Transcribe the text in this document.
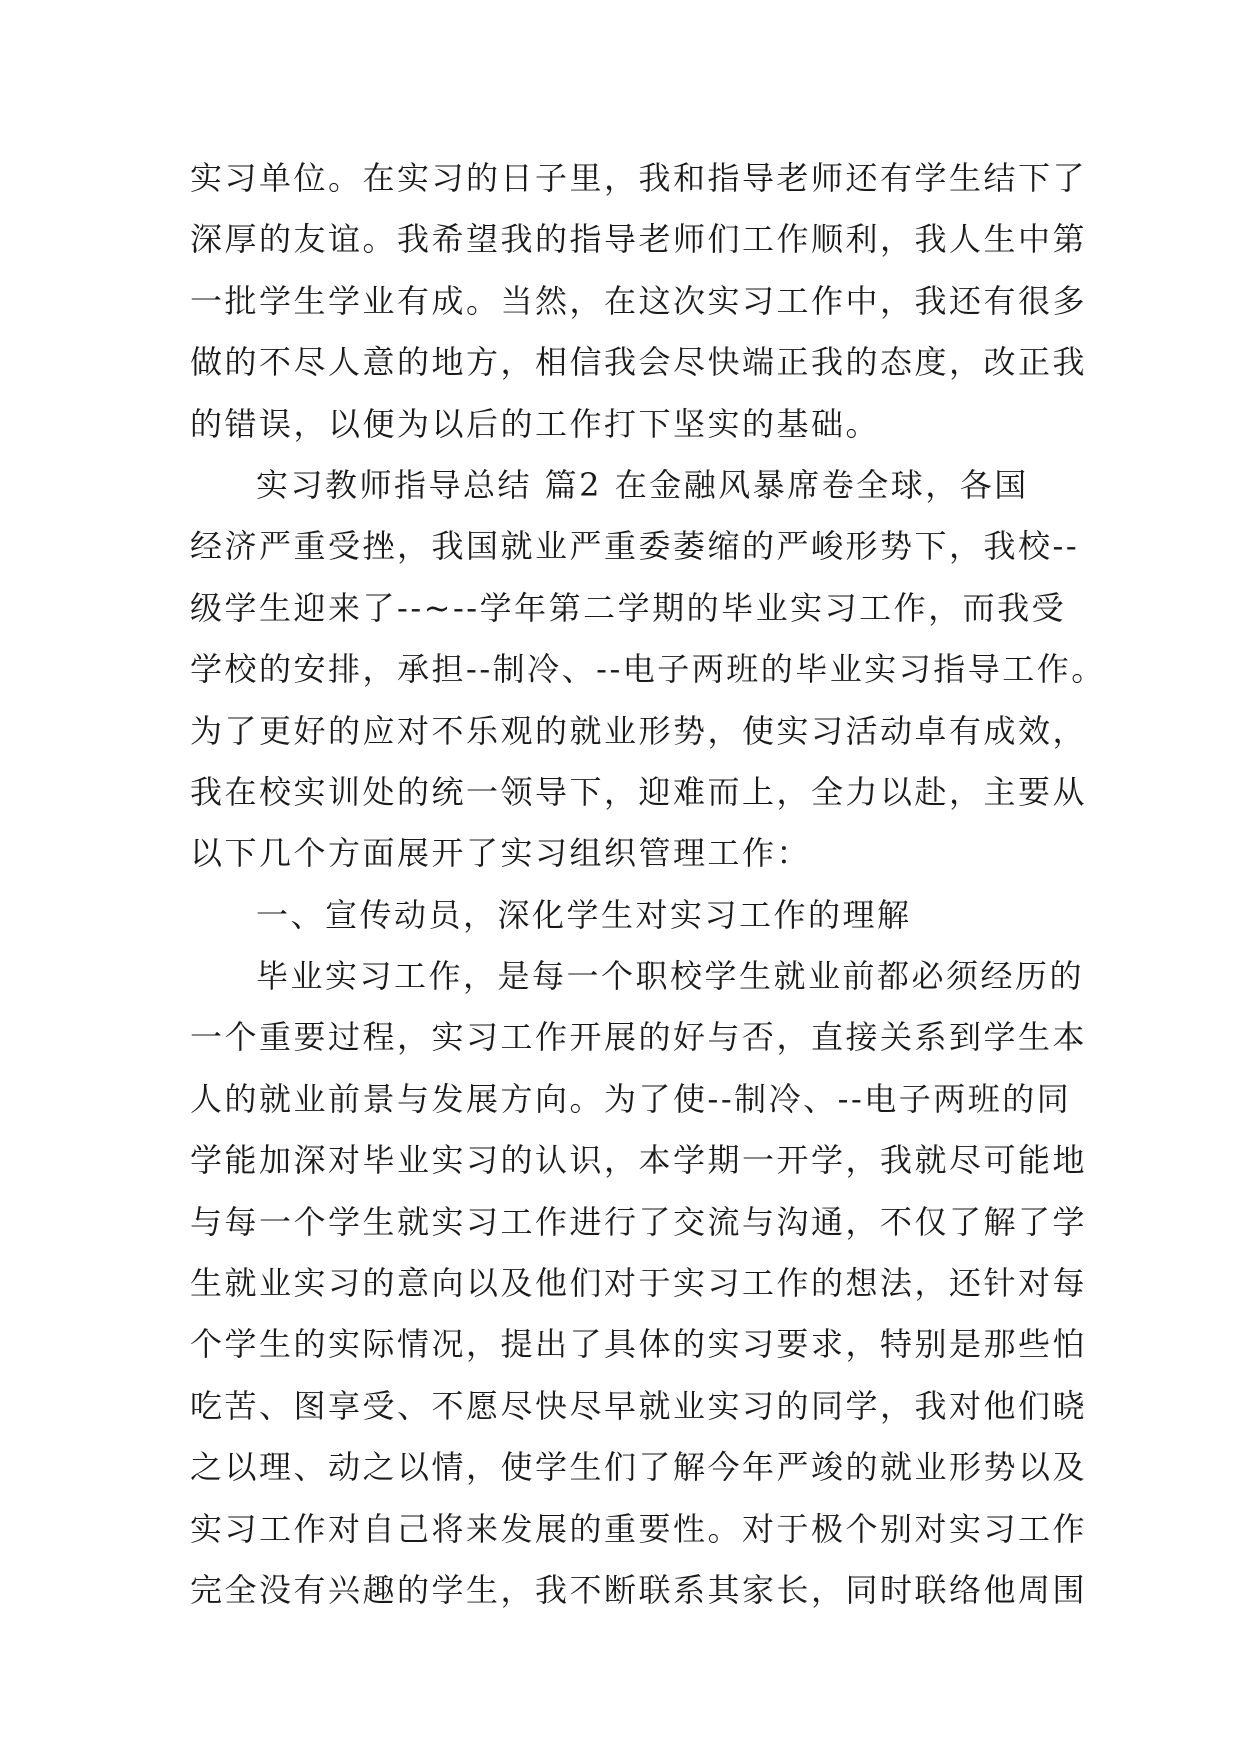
实习单位。在实习的日子里，我和指导老师还有学生结下了
深厚的友谊。我希望我的指导老师们工作顺利，我人生中第
一批学生学业有成。当然，在这次实习工作中，我还有很多
做的不尽人意的地方，相信我会尽快端正我的态度，改正我
的错误，以便为以后的工作打下坚实的基础。
实习教师指导总结 篇2 在金融风暴席卷全球，各国
经济严重受挫，我国就业严重委萎缩的严峻形势下，我校--
级学生迎来了--~--学年第二学期的毕业实习工作，而我受
学校的安排，承担--制冷、--电子两班的毕业实习指导工作。
为了更好的应对不乐观的就业形势，使实习活动卓有成效，
我在校实训处的统一领导下，迎难而上，全力以赴，主要从
以下几个方面展开了实习组织管理工作：
一、宣传动员，深化学生对实习工作的理解
毕业实习工作，是每一个职校学生就业前都必须经历的
一个重要过程，实习工作开展的好与否，直接关系到学生本
人的就业前景与发展方向。为了使--制冷、--电子两班的同
学能加深对毕业实习的认识，本学期一开学，我就尽可能地
与每一个学生就实习工作进行了交流与沟通，不仅了解了学
生就业实习的意向以及他们对于实习工作的想法，还针对每
个学生的实际情况，提出了具体的实习要求，特别是那些怕
吃苦、图享受、不愿尽快尽早就业实习的同学，我对他们晓
之以理、动之以情，使学生们了解今年严竣的就业形势以及
实习工作对自己将来发展的重要性。对于极个别对实习工作
完全没有兴趣的学生，我不断联系其家长，同时联络他周围
